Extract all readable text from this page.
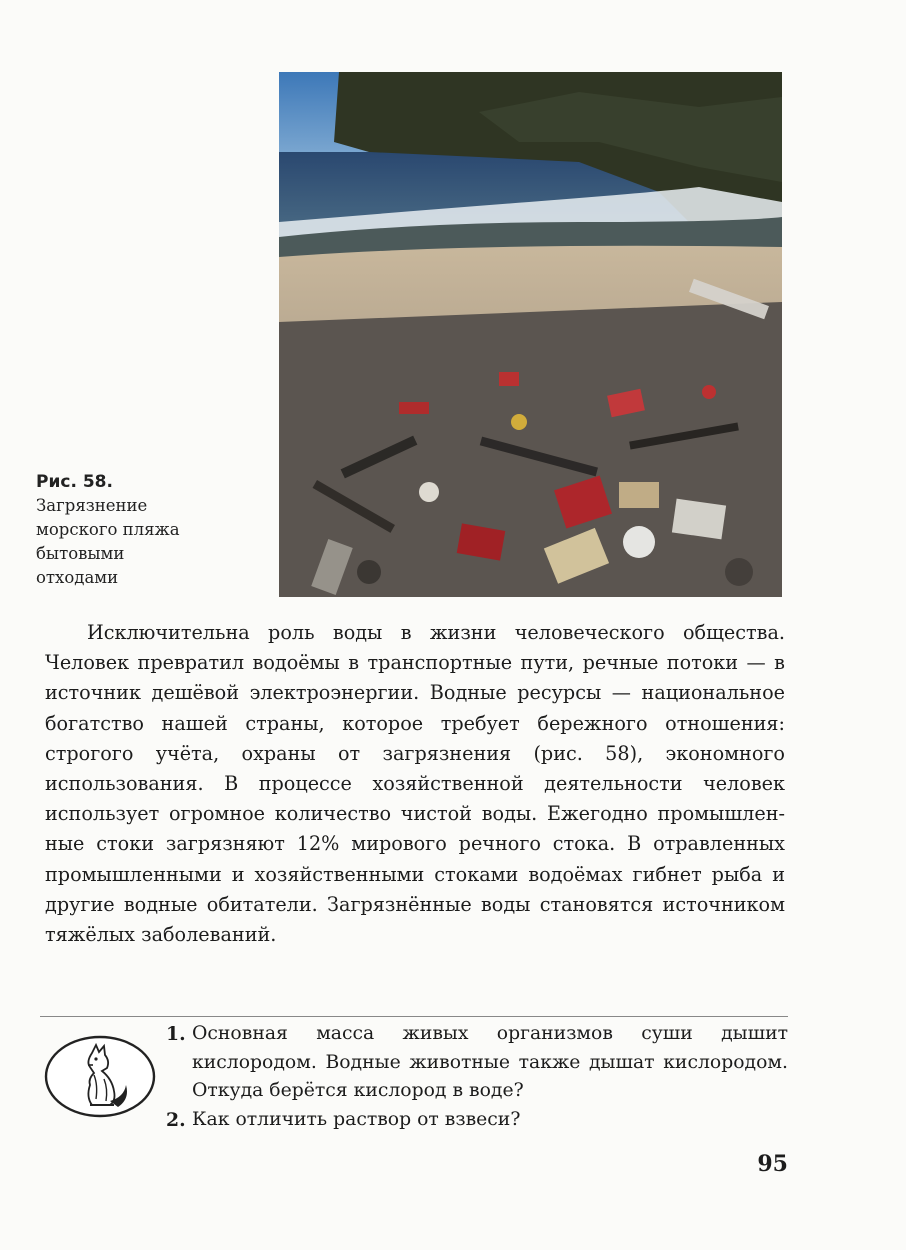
Рис. 58.
Загрязнение
морского пляжа
бытовыми
отходами

Исключительна роль воды в жизни человеческого общества. Человек превратил водоёмы в транспортные пути, речные потоки — в источник дешёвой электроэнергии. Водные ресурсы — национальное богатство нашей страны, которое требует бережного отношения: строгого учёта, охраны от загрязнения (рис. 58), экономного использования. В процессе хозяйственной деятельности человек использует огромное количество чистой воды. Ежегодно промышленные стоки загрязняют 12% мирового речного стока. В отравленных промышленными и хозяйственными стоками водоёмах гибнет рыба и другие водные обитатели. Загрязнённые воды становятся источником тяжёлых заболеваний.

1. Основная масса живых организмов суши дышит кислородом. Водные животные также дышат кислородом. Откуда берётся кислород в воде?
2. Как отличить раствор от взвеси?
95
